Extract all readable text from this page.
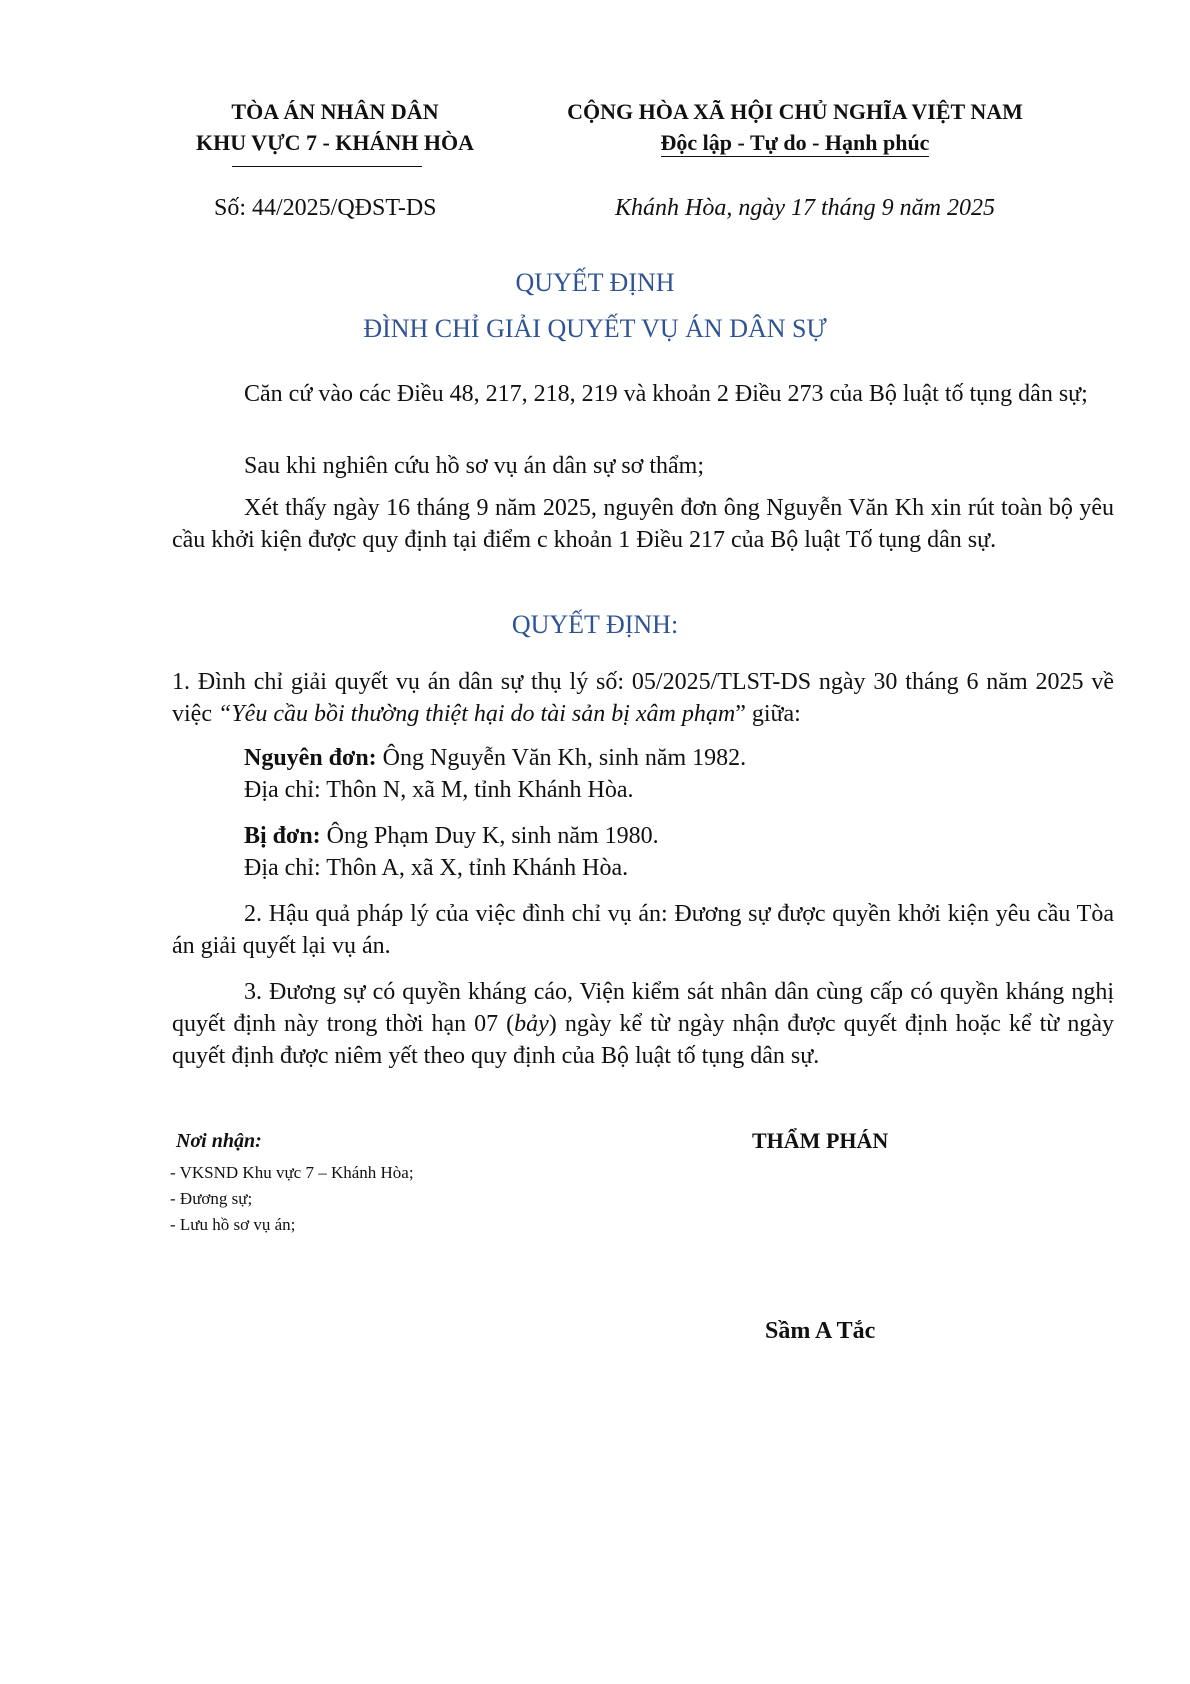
TÒA ÁN NHÂN DÂN
KHU VỰC 7 - KHÁNH HÒA
CỘNG HÒA XÃ HỘI CHỦ NGHĨA VIỆT NAM
Độc lập - Tự do - Hạnh phúc
Số: 44/2025/QĐST-DS	Khánh Hòa, ngày 17 tháng 9 năm 2025
QUYẾT ĐỊNH
ĐÌNH CHỈ GIẢI QUYẾT VỤ ÁN DÂN SỰ

Căn cứ vào các Điều 48, 217, 218, 219 và khoản 2 Điều 273 của Bộ luật tố tụng dân sự;

Sau khi nghiên cứu hồ sơ vụ án dân sự sơ thẩm;

Xét thấy ngày 16 tháng 9 năm 2025, nguyên đơn ông Nguyễn Văn Kh xin rút toàn bộ yêu cầu khởi kiện được quy định tại điểm c khoản 1 Điều 217 của Bộ luật Tố tụng dân sự.

QUYẾT ĐỊNH:

1. Đình chỉ giải quyết vụ án dân sự thụ lý số: 05/2025/TLST-DS ngày 30 tháng 6 năm 2025 về việc “Yêu cầu bồi thường thiệt hại do tài sản bị xâm phạm” giữa:

Nguyên đơn: Ông Nguyễn Văn Kh, sinh năm 1982.

Địa chỉ: Thôn N, xã M, tỉnh Khánh Hòa.

Bị đơn: Ông Phạm Duy K, sinh năm 1980.

Địa chỉ: Thôn A, xã X, tỉnh Khánh Hòa.

2. Hậu quả pháp lý của việc đình chỉ vụ án: Đương sự được quyền khởi kiện yêu cầu Tòa án giải quyết lại vụ án.

3. Đương sự có quyền kháng cáo, Viện kiểm sát nhân dân cùng cấp có quyền kháng nghị quyết định này trong thời hạn 07 (bảy) ngày kể từ ngày nhận được quyết định hoặc kể từ ngày quyết định được niêm yết theo quy định của Bộ luật tố tụng dân sự.

Nơi nhận:
- VKSND Khu vực 7 – Khánh Hòa;
- Đương sự;
- Lưu hồ sơ vụ án;
THẨM PHÁN
Sầm A Tắc
